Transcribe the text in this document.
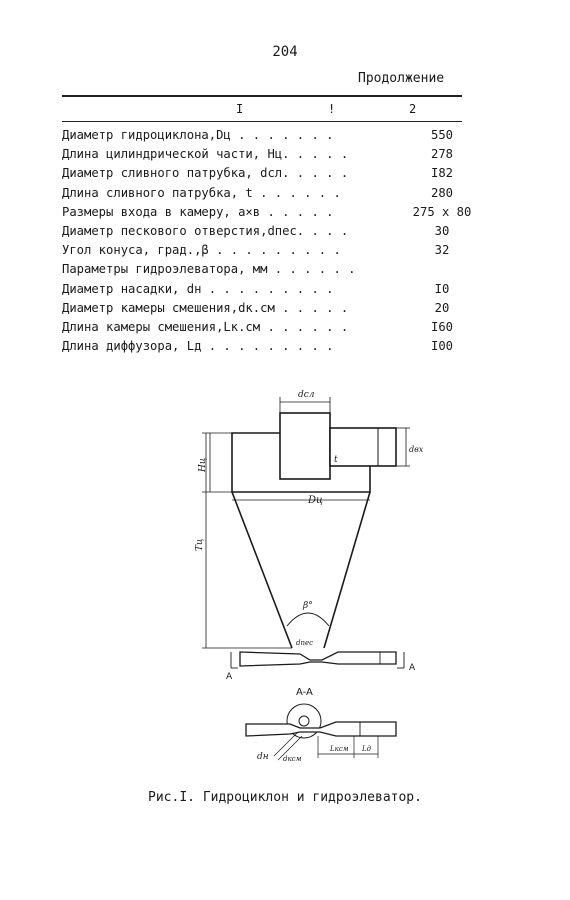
204
Продолжение
I	!	2
Диаметр гидроциклона,Dц . . . . . . .	550
Длина цилиндрической части, Hц. . . . .	278
Диаметр сливного патрубка, dсл. . . . .	I82
Длина сливного патрубка, t . . . . . .	280
Размеры входа в камеру, a×в . . . . .	275 x 80
Диаметр пескового отверстия,dпес. . . .	30
Угол конуса, град.,β . . . . . . . . .	32
Параметры гидроэлеватора, мм . . . . . .
Диаметр насадки, dн . . . . . . . . .	I0
Диаметр камеры смешения,dк.см . . . . .	20
Длина камеры смешения,Lк.см . . . . . .	I60
Длина диффузора, Lд . . . . . . . . .	I00
dсл
t
dвх
Hц
Dц
Tц
β°
dпес
A
A
A-A
dн dксм
Lксм Lд
Рис.I. Гидроциклон и гидроэлеватор.
